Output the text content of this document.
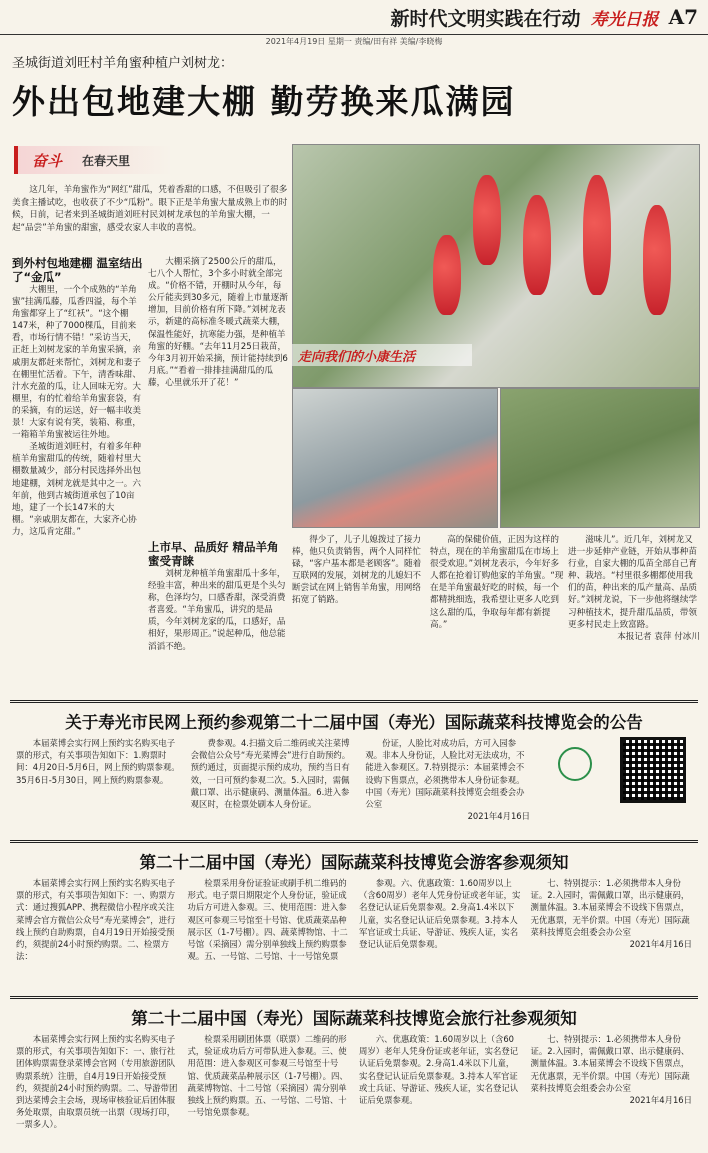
新时代文明实践在行动 寿光日报 A7
2021年4月19日 星期一 责编/田有祥 美编/李晓梅
圣城街道刘旺村羊角蜜种植户刘树龙：
外出包地建大棚 勤劳换来瓜满园
奋斗 在春天里

这几年，羊角蜜作为“网红”甜瓜，凭着香甜的口感，不但吸引了很多美食主播试吃，也收获了不少“瓜粉”。眼下正是羊角蜜大量成熟上市的时候，日前，记者来到圣城街道刘旺村民刘树龙承包的羊角蜜大棚，一起“品尝”羊角蜜的甜蜜，感受农家人丰收的喜悦。

走向我们的小康生活
到外村包地建棚 温室结出了“金瓜”

大棚里，一个个成熟的“羊角蜜”挂满瓜藤，瓜香四溢，每个羊角蜜都穿上了“红袄”。“这个棚147米，种了7000棵瓜，目前来看，市场行情不错！”采访当天，正赶上刘树龙家的羊角蜜采摘，亲戚朋友都赶来帮忙，刘树龙和妻子在棚里忙活着。下午，清香味甜、汁水充盈的瓜，让人回味无穷。大棚里，有的忙着给羊角蜜套袋，有的采摘，有的运送，好一幅丰收美景！大家有说有笑，装箱、称重，一箱箱羊角蜜被运往外地。

圣城街道刘旺村，有着多年种植羊角蜜甜瓜的传统，随着村里大棚数量减少，部分村民选择外出包地建棚，刘树龙就是其中之一。六年前，他到古城街道承包了10亩地，建了一个长147米的大棚。“亲戚朋友都在，大家齐心协力，这瓜肯定甜。”

大棚采摘了2500公斤的甜瓜，七八个人帮忙，3个多小时就全部完成。“价格不错，开棚时从今年，每公斤能卖到30多元，随着上市量逐渐增加，目前价格有所下降。”刘树龙表示，新建的高标准冬暖式蔬菜大棚，保温性能好，抗寒能力强，是种植羊角蜜的好棚。“去年11月25日栽苗，今年3月初开始采摘，预计能持续到6月底。”“看着一排排挂满甜瓜的瓜藤，心里就乐开了花！”

上市早、品质好 精品羊角蜜受青睐

刘树龙种植羊角蜜甜瓜十多年，经验丰富，种出来的甜瓜更是个头匀称，色泽均匀，口感香甜，深受消费者喜爱。“羊角蜜瓜，讲究的是品质，今年刘树龙家的瓜，口感好，品相好，果形周正。”说起种瓜，他总能滔滔不绝。

得少了，儿子儿媳拨过了接力棒，他只负责销售，两个人同样忙碌，“客户基本都是老顾客”。随着互联网的发展，刘树龙的儿媳妇不断尝试在网上销售羊角蜜，用网络拓宽了销路。

高的保健价值，正因为这样的特点，现在的羊角蜜甜瓜在市场上很受欢迎。”刘树龙表示，今年好多人都在抢着订购他家的羊角蜜。“现在是羊角蜜最好吃的时候，每一个都精挑细选，我希望让更多人吃到这么甜的瓜，争取每年都有新提高。”

滋味儿”。近几年，刘树龙又进一步延伸产业链，开始从事种苗行业，自家大棚的瓜苗全部自己育种、栽培。“村里很多棚都使用我们的苗，种出来的瓜产量高、品质好。”刘树龙说，下一步他将继续学习种植技术，提升甜瓜品质，带领更多村民走上致富路。

本报记者 袁萍 付冰川

关于寿光市民网上预约参观第二十二届中国（寿光）国际蔬菜科技博览会的公告

本届菜博会实行网上预约实名购买电子票的形式，有关事项告知如下：1.购票时间：4月20日-5月6日，网上预约购票参观。35月6日-5月30日，网上预约购票参观。

费参观。4.扫描文后二维码或关注菜博会微信公众号“寿光菜博会”进行自助预约。预约通过，页面提示预约成功，预约当日有效，一日可预约参观二次。5.入园时，需佩戴口罩、出示健康码、测量体温。6.进入参观区时，在检票处刷本人身份证。

份证，人脸比对成功后，方可入园参观。非本人身份证，人脸比对无法成功，不能进入参观区。7.特别提示：本届菜博会不设购下售票点，必须携带本人身份证参观。中国（寿光）国际蔬菜科技博览会组委会办公室

2021年4月16日

第二十二届中国（寿光）国际蔬菜科技博览会游客参观须知

本届菜博会实行网上预约实名购买电子票的形式，有关事项告知如下：一、购票方式：通过搜狐APP、携程微信小程序或关注菜博会官方微信公众号“寿光菜博会”，进行线上预约自助购票，自4月19日开始接受预约，须提前24小时预约购票。二、检票方法：

检票采用身份证验证或刷手机二维码的形式。电子票日期限定个人身份证，验证成功后方可进入参观。三、使用范围：进入参观区可参观三号馆至十号馆、优质蔬菜品种展示区（1-7号棚）。四、蔬菜博物馆、十二号馆（采摘园）需分别单独线上预约购票参观。五、一号馆、二号馆、十一号馆免票

参观。六、优惠政策：1.60周岁以上（含60周岁）老年人凭身份证或老年证，实名登记认证后免票参观。2.身高1.4米以下儿童，实名登记认证后免票参观。3.持本人军官证或士兵证、导游证、残疾人证，实名登记认证后免票参观。

七、特别提示：1.必须携带本人身份证。2.入园时，需佩戴口罩，出示健康码，测量体温。3.本届菜博会不设线下售票点，无优惠票，无半价票。中国（寿光）国际蔬菜科技博览会组委会办公室

2021年4月16日

第二十二届中国（寿光）国际蔬菜科技博览会旅行社参观须知

本届菜博会实行网上预约实名购买电子票的形式，有关事项告知如下：一、旅行社团体购票需登录菜博会官网（专用旅游团队购票系统）注册，自4月19日开始接受预约，须提前24小时预约购票。二、导游带团到达菜博会主会场，现场审核验证后团体服务处取票，由取票员统一出票（现场打印，一票多人）。

检票采用刷团体票（联票）二维码的形式，验证成功后方可带队进入参观。三、使用范围：进入参观区可参观三号馆至十号馆、优质蔬菜品种展示区（1-7号棚）。四、蔬菜博物馆、十二号馆（采摘园）需分别单独线上预约购票。五、一号馆、二号馆、十一号馆免票参观。

六、优惠政策：1.60周岁以上（含60周岁）老年人凭身份证或老年证，实名登记认证后免票参观。2.身高1.4米以下儿童，实名登记认证后免票参观。3.持本人军官证或士兵证、导游证、残疾人证，实名登记认证后免票参观。

七、特别提示：1.必须携带本人身份证。2.入园时，需佩戴口罩、出示健康码、测量体温。3.本届菜博会不设线下售票点，无优惠票，无半价票。中国（寿光）国际蔬菜科技博览会组委会办公室

2021年4月16日
